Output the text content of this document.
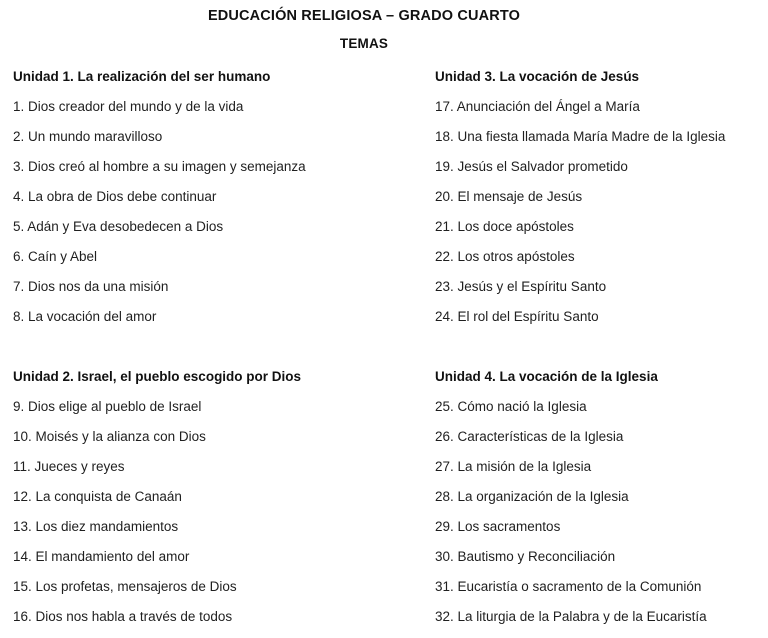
EDUCACIÓN RELIGIOSA – GRADO CUARTO
TEMAS
Unidad 1. La realización del ser humano
1. Dios creador del mundo y de la vida
2. Un mundo maravilloso
3. Dios creó al hombre a su imagen y semejanza
4. La obra de Dios debe continuar
5. Adán y Eva desobedecen a Dios
6. Caín y Abel
7. Dios nos da una misión
8. La vocación del amor
Unidad 2. Israel, el pueblo escogido por Dios
9. Dios elige al pueblo de Israel
10. Moisés y la alianza con Dios
11. Jueces y reyes
12. La conquista de Canaán
13. Los diez mandamientos
14. El mandamiento del amor
15. Los profetas, mensajeros de Dios
16. Dios nos habla a través de todos
Unidad 3. La vocación de Jesús
17. Anunciación del Ángel a María
18. Una fiesta llamada María Madre de la Iglesia
19. Jesús el Salvador prometido
20. El mensaje de Jesús
21. Los doce apóstoles
22. Los otros apóstoles
23. Jesús y el Espíritu Santo
24. El rol del Espíritu Santo
Unidad 4. La vocación de la Iglesia
25. Cómo nació la Iglesia
26. Características de la Iglesia
27. La misión de la Iglesia
28. La organización de la Iglesia
29. Los sacramentos
30. Bautismo y Reconciliación
31. Eucaristía o sacramento de la Comunión
32. La liturgia de la Palabra y de la Eucaristía
